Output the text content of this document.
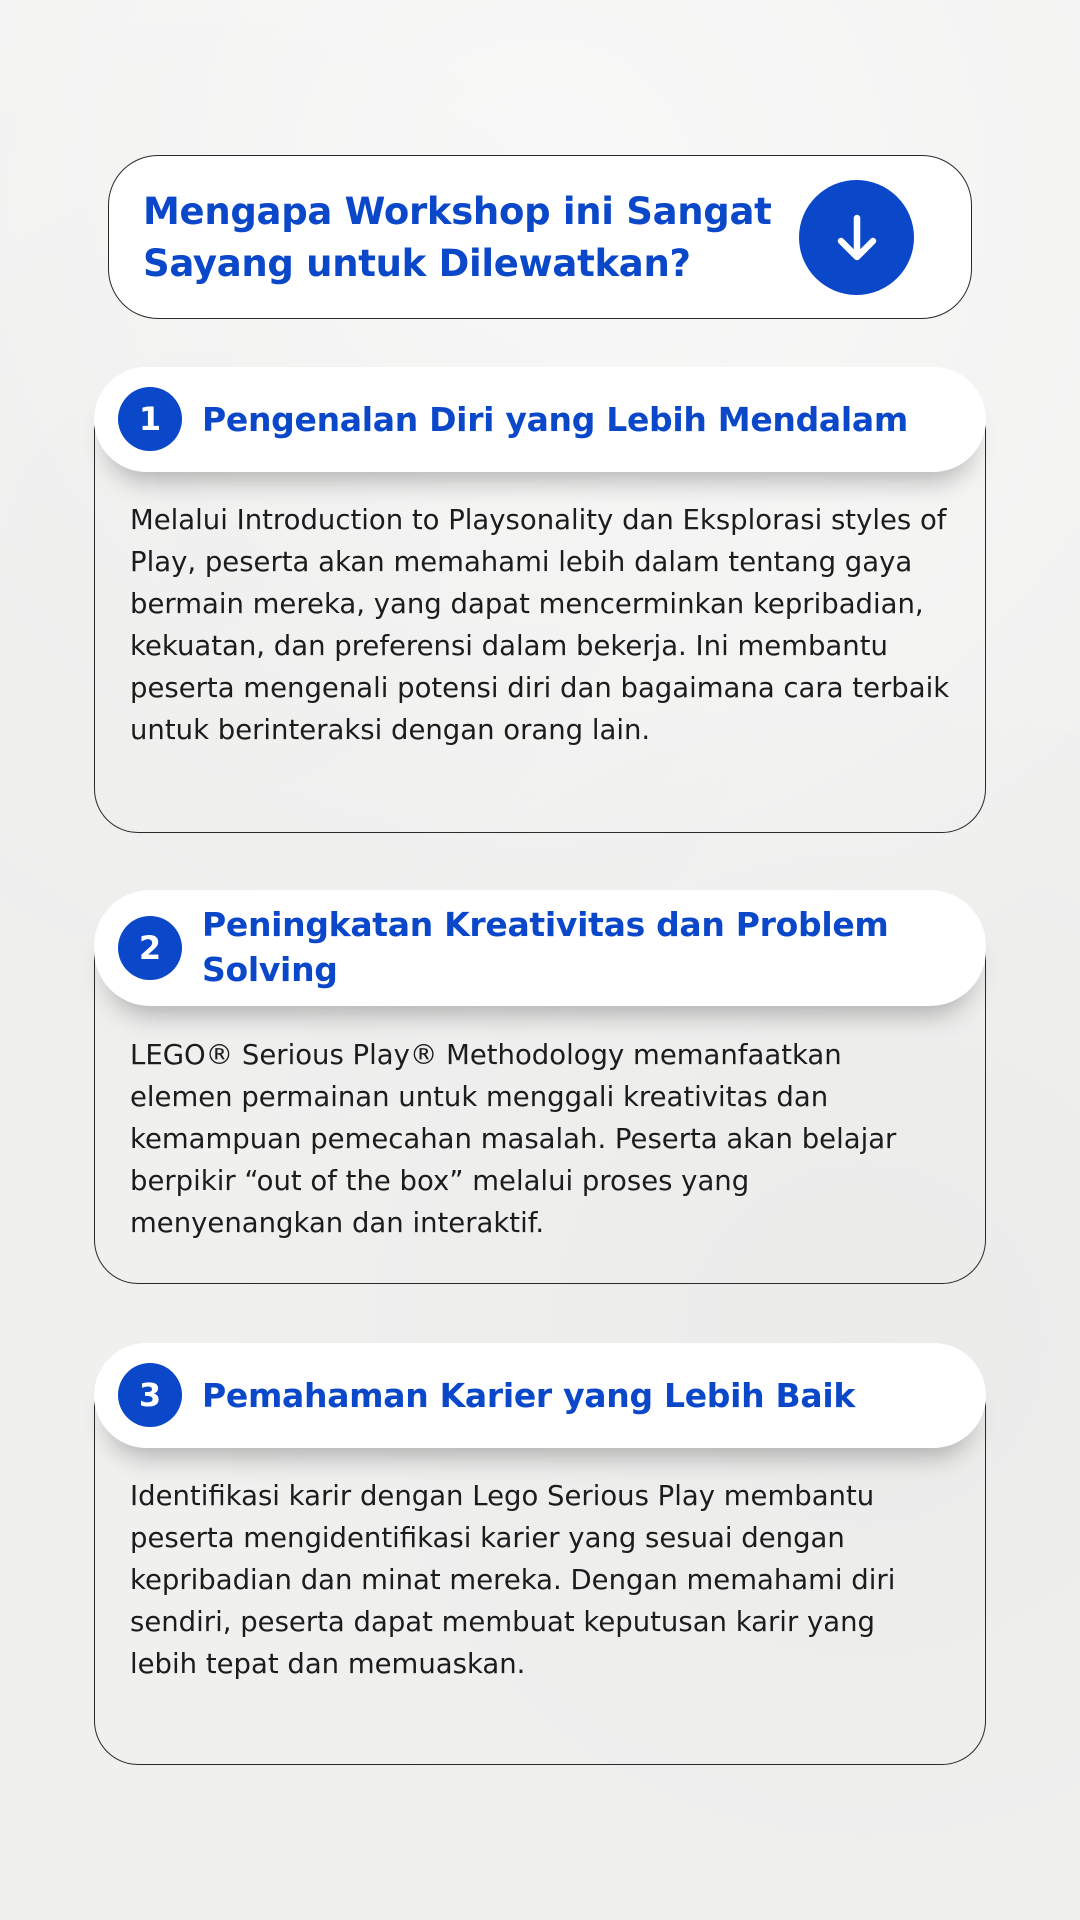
Mengapa Workshop ini Sangat
Sayang untuk Dilewatkan?
1	Pengenalan Diri yang Lebih Mendalam

Melalui Introduction to Playsonality dan Eksplorasi styles of Play, peserta akan memahami lebih dalam tentang gaya bermain mereka, yang dapat mencerminkan kepribadian, kekuatan, dan preferensi dalam bekerja. Ini membantu peserta mengenali potensi diri dan bagaimana cara terbaik untuk berinteraksi dengan orang lain.

2
Peningkatan Kreativitas dan Problem Solving

LEGO® Serious Play® Methodology memanfaatkan elemen permainan untuk menggali kreativitas dan kemampuan pemecahan masalah. Peserta akan belajar berpikir “out of the box” melalui proses yang menyenangkan dan interaktif.

3	Pemahaman Karier yang Lebih Baik

Identifikasi karir dengan Lego Serious Play membantu peserta mengidentifikasi karier yang sesuai dengan kepribadian dan minat mereka. Dengan memahami diri sendiri, peserta dapat membuat keputusan karir yang lebih tepat dan memuaskan.
